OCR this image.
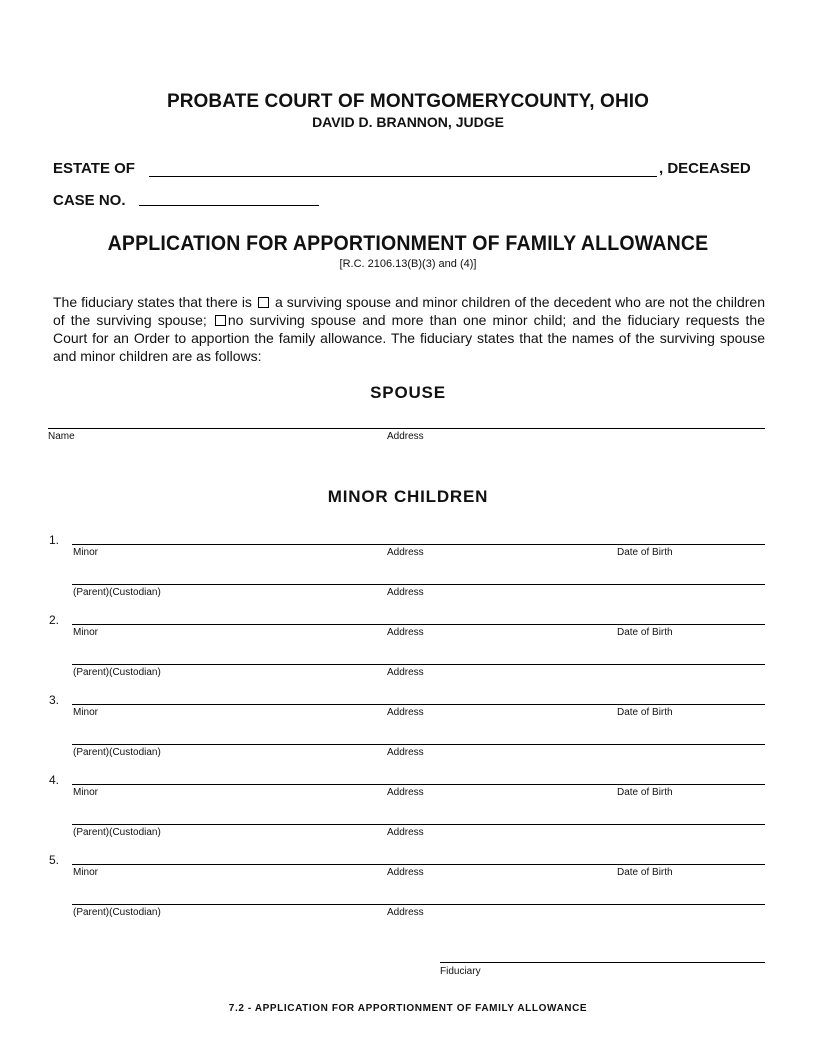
PROBATE COURT OF MONTGOMERYCOUNTY, OHIO
DAVID D. BRANNON, JUDGE
ESTATE OF	, DECEASED
CASE NO.
APPLICATION FOR APPORTIONMENT OF FAMILY ALLOWANCE
[R.C. 2106.13(B)(3) and (4)]
The fiduciary states that there is a surviving spouse and minor children of the decedent who are not the children of the surviving spouse; no surviving spouse and more than one minor child; and the fiduciary requests the Court for an Order to apportion the family allowance. The fiduciary states that the names of the surviving spouse and minor children are as follows:
SPOUSE
Name	Address
MINOR CHILDREN
1.
Minor	Address	Date of Birth
(Parent)(Custodian)	Address
2.
Minor	Address	Date of Birth
(Parent)(Custodian)	Address
3.
Minor	Address	Date of Birth
(Parent)(Custodian)	Address
4.
Minor	Address	Date of Birth
(Parent)(Custodian)	Address
5.
Minor	Address	Date of Birth
(Parent)(Custodian)	Address
Fiduciary
7.2 - APPLICATION FOR APPORTIONMENT OF FAMILY ALLOWANCE
